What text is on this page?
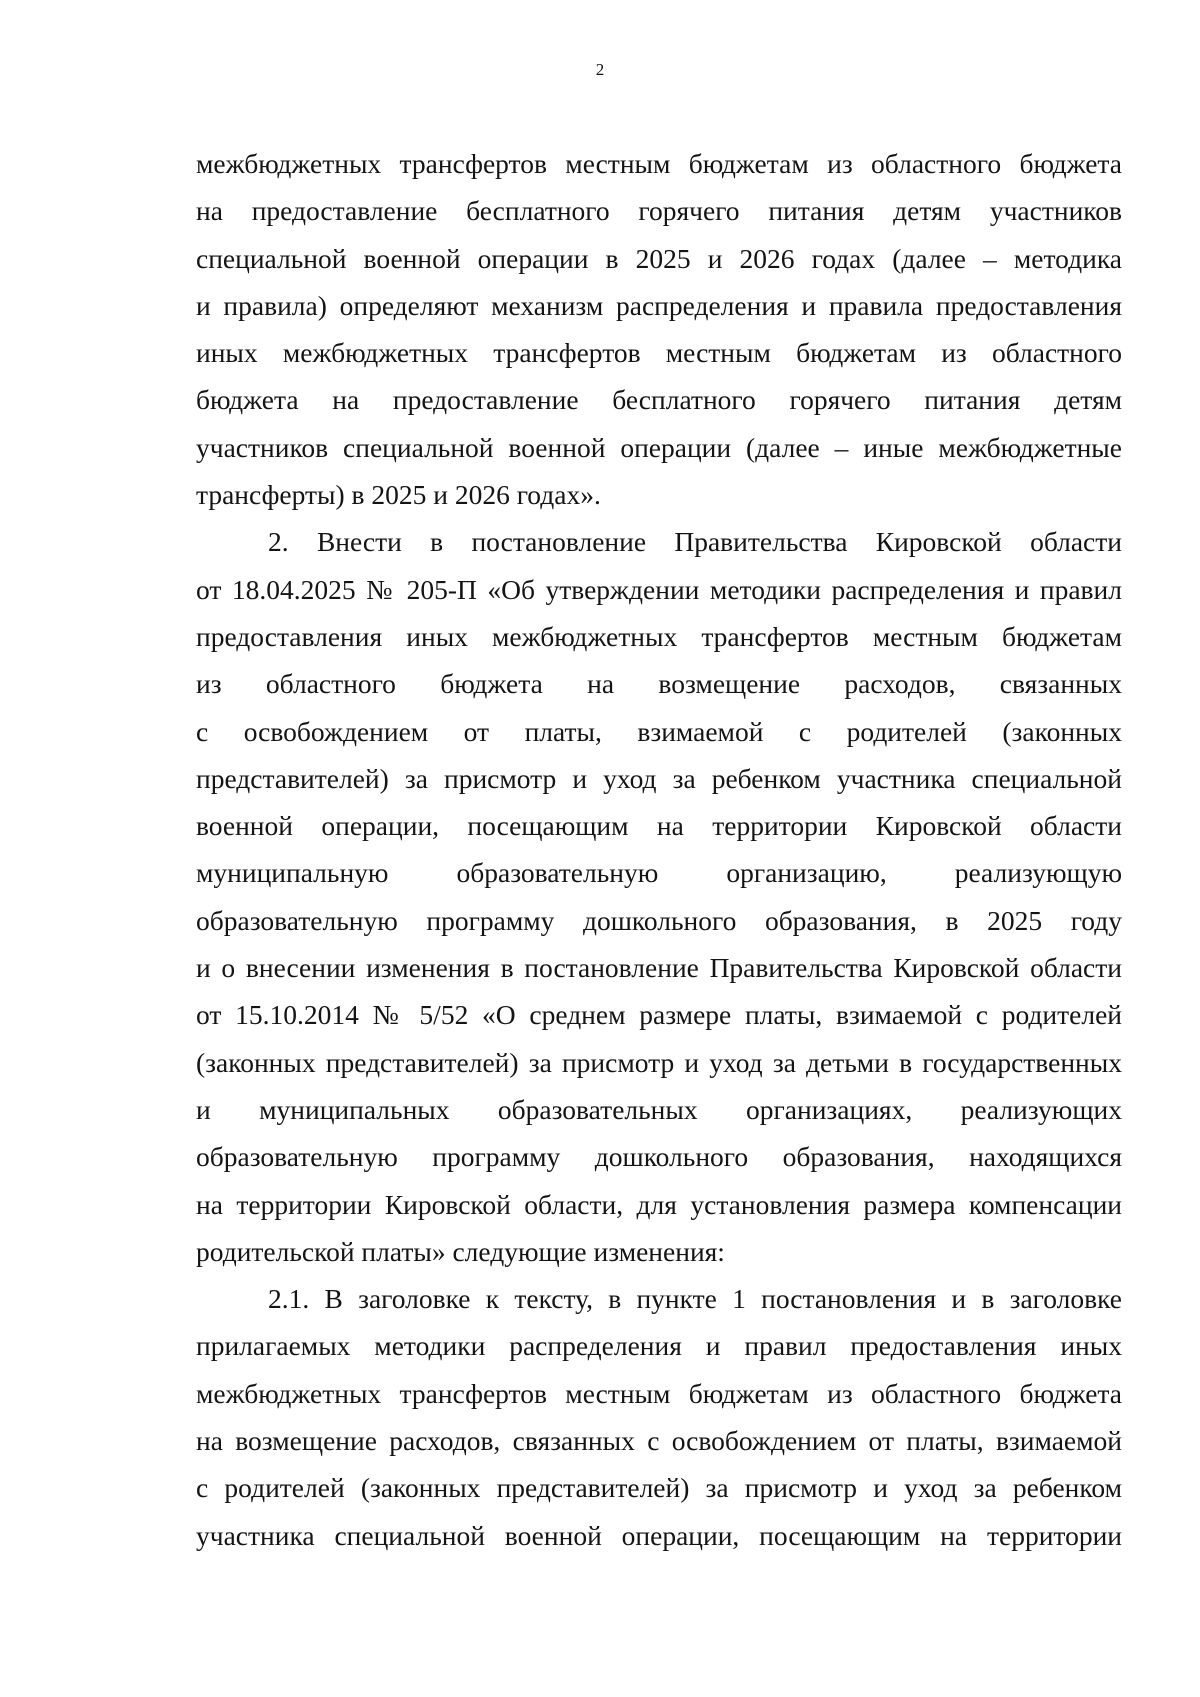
2
межбюджетных трансфертов местным бюджетам из областного бюджета
на предоставление бесплатного горячего питания детям участников
специальной военной операции в 2025 и 2026 годах (далее – методика
и правила) определяют механизм распределения и правила предоставления
иных межбюджетных трансфертов местным бюджетам из областного
бюджета на предоставление бесплатного горячего питания детям
участников специальной военной операции (далее – иные межбюджетные
трансферты) в 2025 и 2026 годах».
2. Внести в постановление Правительства Кировской области
от 18.04.2025 № 205-П «Об утверждении методики распределения и правил
предоставления иных межбюджетных трансфертов местным бюджетам
из областного бюджета на возмещение расходов, связанных
с освобождением от платы, взимаемой с родителей (законных
представителей) за присмотр и уход за ребенком участника специальной
военной операции, посещающим на территории Кировской области
муниципальную образовательную организацию, реализующую
образовательную программу дошкольного образования, в 2025 году
и о внесении изменения в постановление Правительства Кировской области
от 15.10.2014 № 5/52 «О среднем размере платы, взимаемой с родителей
(законных представителей) за присмотр и уход за детьми в государственных
и муниципальных образовательных организациях, реализующих
образовательную программу дошкольного образования, находящихся
на территории Кировской области, для установления размера компенсации
родительской платы» следующие изменения:
2.1. В заголовке к тексту, в пункте 1 постановления и в заголовке
прилагаемых методики распределения и правил предоставления иных
межбюджетных трансфертов местным бюджетам из областного бюджета
на возмещение расходов, связанных с освобождением от платы, взимаемой
с родителей (законных представителей) за присмотр и уход за ребенком
участника специальной военной операции, посещающим на территории
